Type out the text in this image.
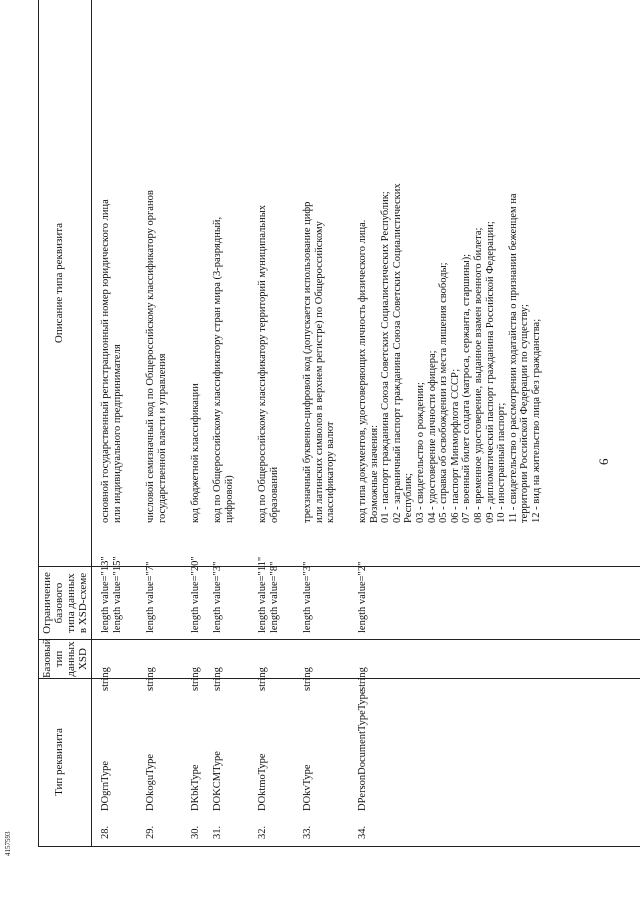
Тип реквизита
Базовый тип данных XSD
Ограничение базового типа данных в XSD-схеме
Описание типа реквизита
28.
DOgrnType
string
length value="13" length value="15"
основной государственный регистрационный номер юридического лица или индивидуального предпринимателя
29.
DOkoguType
string
length value="7"
числовой семизначный код по Общероссийскому классификатору органов государственной власти и управления
30.
DKbkType
string
length value="20"
код бюджетной классификации
31.
DOKCMType
string
length value="3"
код по Общероссийскому классификатору стран мира (3-разрядный, цифровой)
32.
DOktmoType
string
length value="11" length value="8"
код по Общероссийскому классификатору территорий муниципальных образований
33.
DOkvType
string
length value="3"
трехзначный буквенно-цифровой код (допускается использование цифр или латинских символов в верхнем регистре) по Общероссийскому классификатору валют
34.
DPersonDocumentTypeType
string
length value="2"
код типа документов, удостоверяющих личность физического лица. Возможные значения: 01 - паспорт гражданина Союза Советских Социалистических Республик; 02 - заграничный паспорт гражданина Союза Советских Социалистических Республик; 03 - свидетельство о рождении; 04 - удостоверение личности офицера; 05 - справка об освобождении из места лишения свободы; 06 - паспорт Минморфлота СССР; 07 - военный билет солдата (матроса, сержанта, старшины); 08 - временное удостоверение, выданное взамен военного билета; 09 - дипломатический паспорт гражданина Российской Федерации; 10 - иностранный паспорт; 11 - свидетельство о рассмотрении ходатайства о признании беженцем на территории Российской Федерации по существу; 12 - вид на жительство лица без гражданства;	6
4157593
